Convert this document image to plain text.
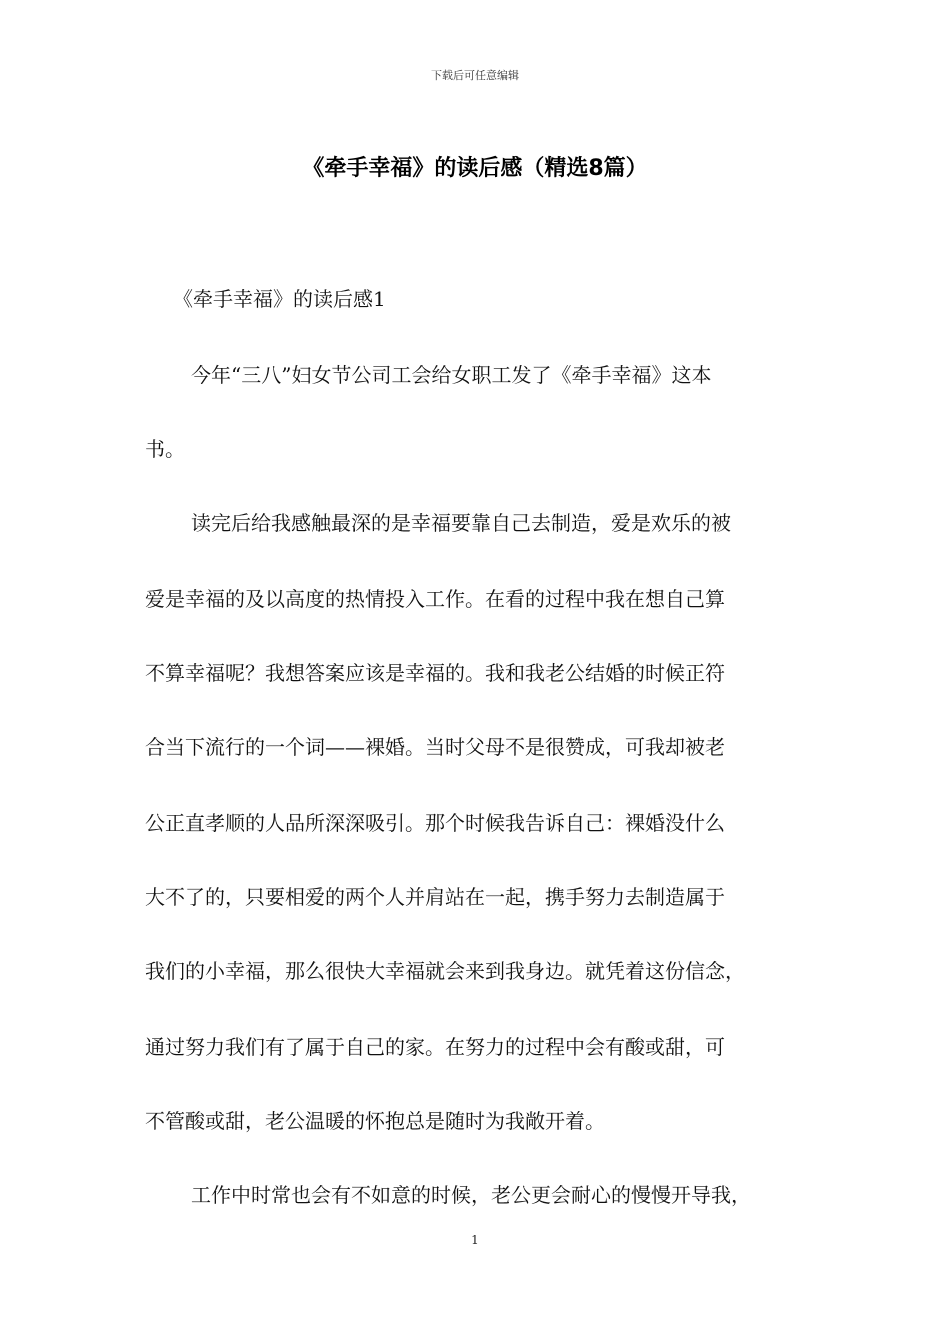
下载后可任意编辑
《牵手幸福》的读后感（精选8篇）
《牵手幸福》的读后感1
今年“三八”妇女节公司工会给女职工发了《牵手幸福》这本
书。
读完后给我感触最深的是幸福要靠自己去制造，爱是欢乐的被
爱是幸福的及以高度的热情投入工作。在看的过程中我在想自己算
不算幸福呢？我想答案应该是幸福的。我和我老公结婚的时候正符
合当下流行的一个词——裸婚。当时父母不是很赞成，可我却被老
公正直孝顺的人品所深深吸引。那个时候我告诉自己：裸婚没什么
大不了的，只要相爱的两个人并肩站在一起，携手努力去制造属于
我们的小幸福，那么很快大幸福就会来到我身边。就凭着这份信念，
通过努力我们有了属于自己的家。在努力的过程中会有酸或甜，可
不管酸或甜，老公温暖的怀抱总是随时为我敞开着。
工作中时常也会有不如意的时候，老公更会耐心的慢慢开导我，
1
